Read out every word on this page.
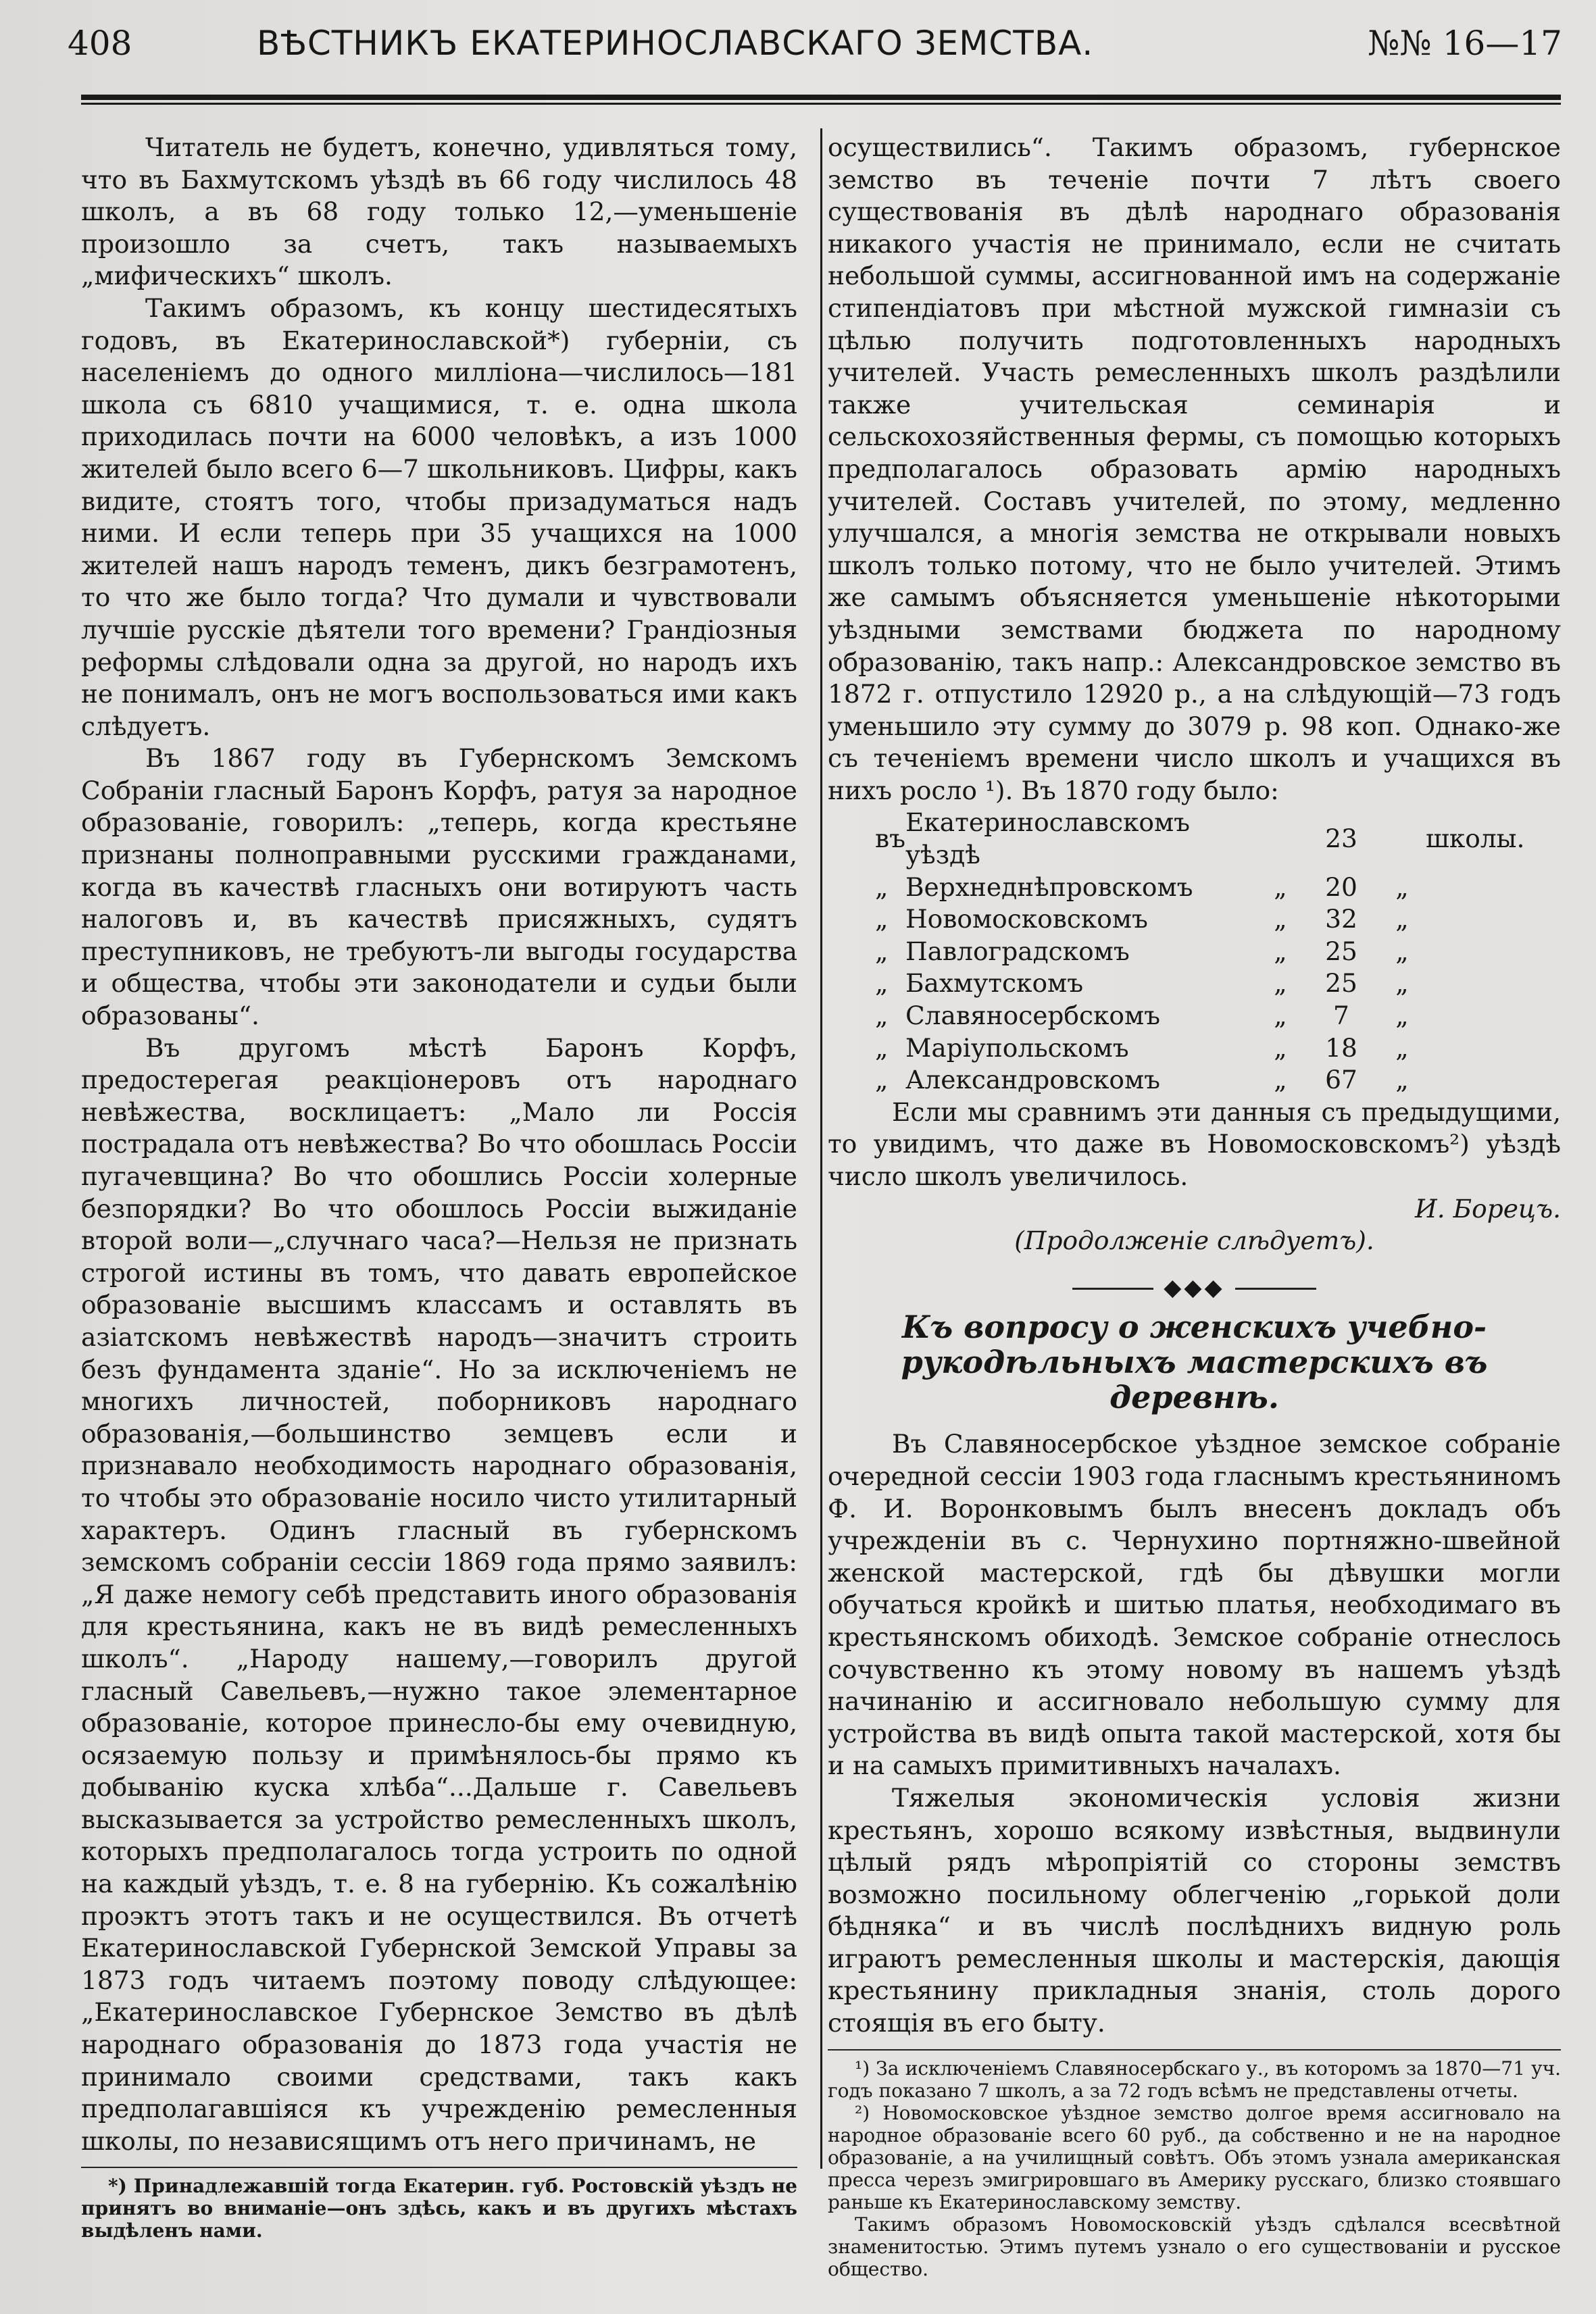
408	ВѢСТНИКЪ ЕКАТЕРИНОСЛАВСКАГО ЗЕМСТВА.	№№ 16—17

Читатель не будетъ, конечно, удивляться тому, что въ Бахмутскомъ уѣздѣ въ 66 году числилось 48 школъ, а въ 68 году только 12,—уменьшеніе произошло за счетъ, такъ называемыхъ „мифическихъ“ школъ.

Такимъ образомъ, къ концу шестидесятыхъ годовъ, въ Екатеринославской*) губерніи, съ населеніемъ до одного милліона—числилось—181 школа съ 6810 учащимися, т. е. одна школа приходилась почти на 6000 человѣкъ, а изъ 1000 жителей было всего 6—7 школьниковъ. Цифры, какъ видите, стоятъ того, чтобы призадуматься надъ ними. И если теперь при 35 учащихся на 1000 жителей нашъ народъ теменъ, дикъ безграмотенъ, то что же было тогда? Что думали и чувствовали лучшіе русскіе дѣятели того времени? Грандіозныя реформы слѣдовали одна за другой, но народъ ихъ не понималъ, онъ не могъ воспользоваться ими какъ слѣдуетъ.

Въ 1867 году въ Губернскомъ Земскомъ Собраніи гласный Баронъ Корфъ, ратуя за народное образованіе, говорилъ: „теперь, когда крестьяне признаны полноправными русскими гражданами, когда въ качествѣ гласныхъ они вотируютъ часть налоговъ и, въ качествѣ присяжныхъ, судятъ преступниковъ, не требуютъ-ли выгоды государства и общества, чтобы эти законодатели и судьи были образованы“.

Въ другомъ мѣстѣ Баронъ Корфъ, предостерегая реакціонеровъ отъ народнаго невѣжества, восклицаетъ: „Мало ли Россія пострадала отъ невѣжества? Во что обошлась Россіи пугачевщина? Во что обошлись Россіи холерные безпорядки? Во что обошлось Россіи выжиданіе второй воли—„случнаго часа?—Нельзя не признать строгой истины въ томъ, что давать европейское образованіе высшимъ классамъ и оставлять въ азіатскомъ невѣжествѣ народъ—значитъ строить безъ фундамента зданіе“. Но за исключеніемъ не многихъ личностей, поборниковъ народнаго образованія,—большинство земцевъ если и признавало необходимость народнаго образованія, то чтобы это образованіе носило чисто утилитарный характеръ. Одинъ гласный въ губернскомъ земскомъ собраніи сессіи 1869 года прямо заявилъ: „Я даже немогу себѣ представить иного образованія для крестьянина, какъ не въ видѣ ремесленныхъ школъ“. „Народу нашему,—говорилъ другой гласный Савельевъ,—нужно такое элементарное образованіе, которое принесло-бы ему очевидную, осязаемую пользу и примѣнялось-бы прямо къ добыванію куска хлѣба“...Дальше г. Савельевъ высказывается за устройство ремесленныхъ школъ, которыхъ предполагалось тогда устроить по одной на каждый уѣздъ, т. е. 8 на губернію. Къ сожалѣнію проэктъ этотъ такъ и не осуществился. Въ отчетѣ Екатеринославской Губернской Земской Управы за 1873 годъ читаемъ поэтому поводу слѣдующее: „Екатеринославское Губернское Земство въ дѣлѣ народнаго образованія до 1873 года участія не принимало своими средствами, такъ какъ предполагавшіяся къ учрежденію ремесленныя школы, по независящимъ отъ него причинамъ, не

*) Принадлежавшій тогда Екатерин. губ. Ростовскій уѣздъ не принятъ во вниманіе—онъ здѣсь, какъ и въ другихъ мѣстахъ выдѣленъ нами.

осуществились“. Такимъ образомъ, губернское земство въ теченіе почти 7 лѣтъ своего существованія въ дѣлѣ народнаго образованія никакого участія не принимало, если не считать небольшой суммы, ассигнованной имъ на содержаніе стипендіатовъ при мѣстной мужской гимназіи съ цѣлью получить подготовленныхъ народныхъ учителей. Участь ремесленныхъ школъ раздѣлили также учительская семинарія и сельскохозяйственныя фермы, съ помощью которыхъ предполагалось образовать армію народныхъ учителей. Составъ учителей, по этому, медленно улучшался, а многія земства не открывали новыхъ школъ только потому, что не было учителей. Этимъ же самымъ объясняется уменьшеніе нѣкоторыми уѣздными земствами бюджета по народному образованію, такъ напр.: Александровское земство въ 1872 г. отпустило 12920 р., а на слѣдующій—73 годъ уменьшило эту сумму до 3079 р. 98 коп. Однако-же съ теченіемъ времени число школъ и учащихся въ нихъ росло ¹). Въ 1870 году было:

въ	Екатеринославскомъ уѣздѣ		23		школы.
„	Верхнеднѣпровскомъ	„	20	„	
„	Новомосковскомъ	„	32	„	
„	Павлоградскомъ	„	25	„	
„	Бахмутскомъ	„	25	„	
„	Славяносербскомъ	„	7	„	
„	Маріупольскомъ	„	18	„	
„	Александровскомъ	„	67	„	

Если мы сравнимъ эти данныя съ предыдущими, то увидимъ, что даже въ Новомосковскомъ²) уѣздѣ число школъ увеличилось.

И. Борецъ.
(Продолженіе слѣдуетъ).
◆◆◆
Къ вопросу о женскихъ учебно-рукодѣльныхъ мастерскихъ въ деревнѣ.

Въ Славяносербское уѣздное земское собраніе очередной сессіи 1903 года гласнымъ крестьяниномъ Ф. И. Воронковымъ былъ внесенъ докладъ объ учрежденіи въ с. Чернухино портняжно-швейной женской мастерской, гдѣ бы дѣвушки могли обучаться кройкѣ и шитью платья, необходимаго въ крестьянскомъ обиходѣ. Земское собраніе отнеслось сочувственно къ этому новому въ нашемъ уѣздѣ начинанію и ассигновало небольшую сумму для устройства въ видѣ опыта такой мастерской, хотя бы и на самыхъ примитивныхъ началахъ.

Тяжелыя экономическія условія жизни крестьянъ, хорошо всякому извѣстныя, выдвинули цѣлый рядъ мѣропріятій со стороны земствъ возможно посильному облегченію „горькой доли бѣдняка“ и въ числѣ послѣднихъ видную роль играютъ ремесленныя школы и мастерскія, дающія крестьянину прикладныя знанія, столь дорого стоящія въ его быту.

¹) За исключеніемъ Славяносербскаго у., въ которомъ за 1870—71 уч. годъ показано 7 школъ, а за 72 годъ всѣмъ не представлены отчеты.

²) Новомосковское уѣздное земство долгое время ассигновало на народное образованіе всего 60 руб., да собственно и не на народное образованіе, а на училищный совѣтъ. Объ этомъ узнала американская пресса черезъ эмигрировшаго въ Америку русскаго, близко стоявшаго раньше къ Екатеринославскому земству.

Такимъ образомъ Новомосковскій уѣздъ сдѣлался всесвѣтной знаменитостью. Этимъ путемъ узнало о его существованіи и русское общество.
